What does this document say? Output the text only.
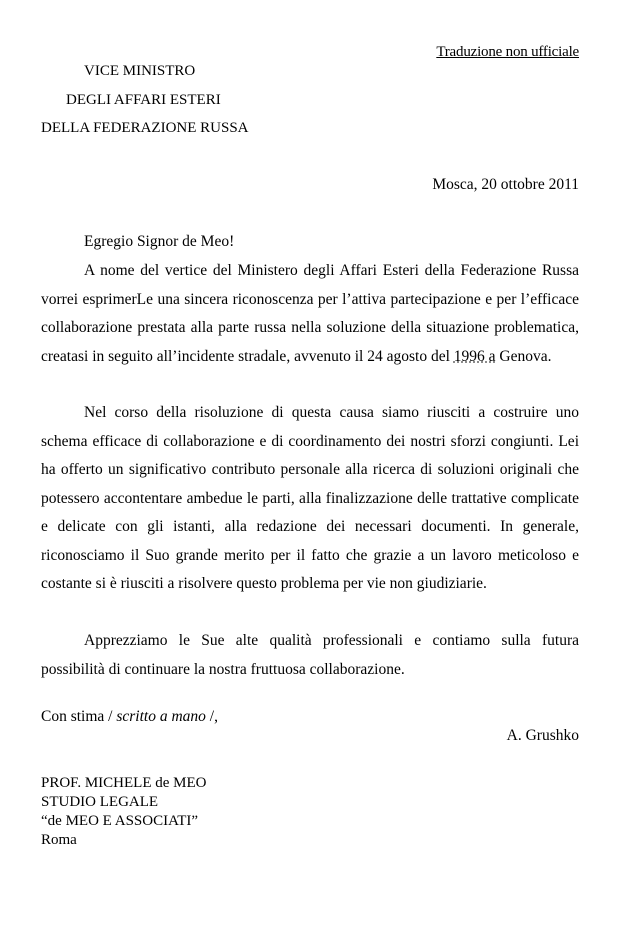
Traduzione non ufficiale
VICE MINISTRO
DEGLI AFFARI ESTERI
DELLA FEDERAZIONE RUSSA
Mosca, 20 ottobre 2011
Egregio Signor de Meo!
A nome del vertice del Ministero degli Affari Esteri della Federazione Russa vorrei esprimerLe una sincera riconoscenza per l’attiva partecipazione e per l’efficace collaborazione prestata alla parte russa nella soluzione della situazione problematica, creatasi in seguito all’incidente stradale, avvenuto il 24 agosto del 1996 a Genova.
Nel corso della risoluzione di questa causa siamo riusciti a costruire uno schema efficace di collaborazione e di coordinamento dei nostri sforzi congiunti. Lei ha offerto un significativo contributo personale alla ricerca di soluzioni originali che potessero accontentare ambedue le parti, alla finalizzazione delle trattative complicate e delicate con gli istanti, alla redazione dei necessari documenti. In generale, riconosciamo il Suo grande merito per il fatto che grazie a un lavoro meticoloso e costante si è riusciti a risolvere questo problema per vie non giudiziarie.
Apprezziamo le Sue alte qualità professionali e contiamo sulla futura possibilità di continuare la nostra fruttuosa collaborazione.
Con stima / scritto a mano /,
A. Grushko
PROF. MICHELE de MEO
STUDIO LEGALE
“de MEO E ASSOCIATI”
Roma
